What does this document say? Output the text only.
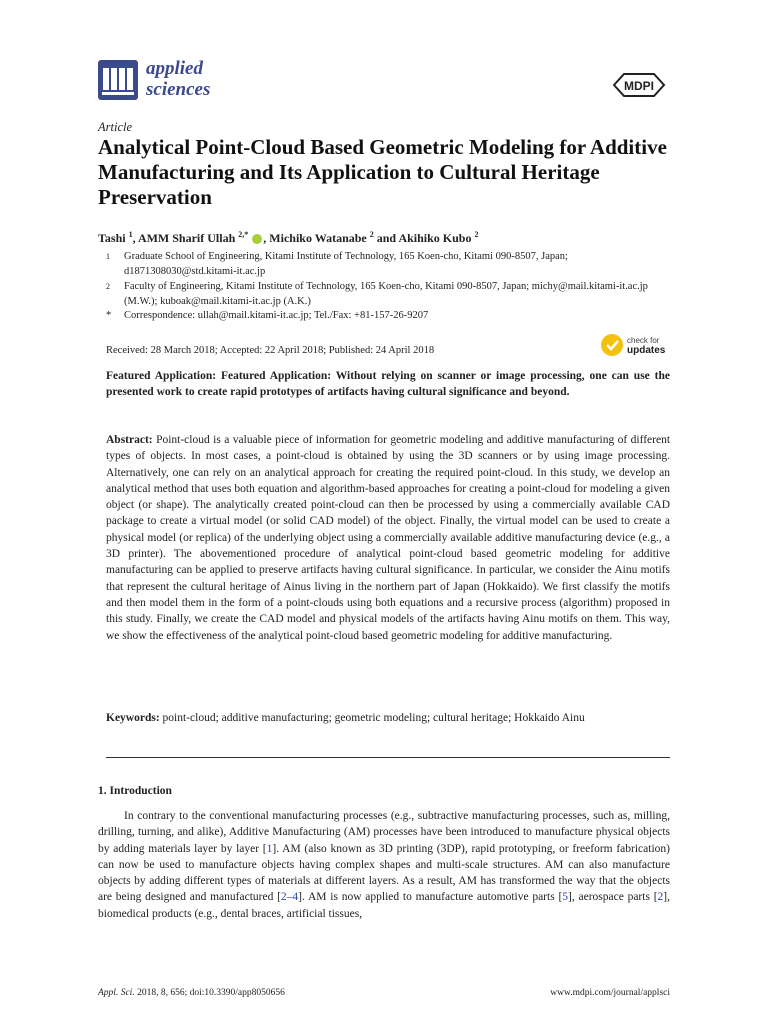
applied
sciences	MDPI
Article
Analytical Point-Cloud Based Geometric Modeling for Additive Manufacturing and Its Application to Cultural Heritage Preservation
Tashi $^1$, AMM Sharif Ullah $^{2,*}$ , Michiko Watanabe $^2$ and Akihiko Kubo $^2$
1 Graduate School of Engineering, Kitami Institute of Technology, 165 Koen-cho, Kitami 090-8507, Japan; d1871308030@std.kitami-it.ac.jp
2 Faculty of Engineering, Kitami Institute of Technology, 165 Koen-cho, Kitami 090-8507, Japan; michy@mail.kitami-it.ac.jp (M.W.); kuboak@mail.kitami-it.ac.jp (A.K.)
* Correspondence: ullah@mail.kitami-it.ac.jp; Tel./Fax: +81-157-26-9207
Received: 28 March 2018; Accepted: 22 April 2018; Published: 24 April 2018
check for
updates
Featured Application: Featured Application: Without relying on scanner or image processing, one can use the presented work to create rapid prototypes of artifacts having cultural significance and beyond.
Abstract: Point-cloud is a valuable piece of information for geometric modeling and additive manufacturing of different types of objects. In most cases, a point-cloud is obtained by using the 3D scanners or by using image processing. Alternatively, one can rely on an analytical approach for creating the required point-cloud. In this study, we develop an analytical method that uses both equation and algorithm-based approaches for creating a point-cloud for modeling a given object (or shape). The analytically created point-cloud can then be processed by using a commercially available CAD package to create a virtual model (or solid CAD model) of the object. Finally, the virtual model can be used to create a physical model (or replica) of the underlying object using a commercially available additive manufacturing device (e.g., a 3D printer). The abovementioned procedure of analytical point-cloud based geometric modeling for additive manufacturing can be applied to preserve artifacts having cultural significance. In particular, we consider the Ainu motifs that represent the cultural heritage of Ainus living in the northern part of Japan (Hokkaido). We first classify the motifs and then model them in the form of a point-clouds using both equations and a recursive process (algorithm) proposed in this study. Finally, we create the CAD model and physical models of the artifacts having Ainu motifs on them. This way, we show the effectiveness of the analytical point-cloud based geometric modeling for additive manufacturing.
Keywords: point-cloud; additive manufacturing; geometric modeling; cultural heritage; Hokkaido Ainu
1. Introduction
In contrary to the conventional manufacturing processes (e.g., subtractive manufacturing processes, such as, milling, drilling, turning, and alike), Additive Manufacturing (AM) processes have been introduced to manufacture physical objects by adding materials layer by layer [1]. AM (also known as 3D printing (3DP), rapid prototyping, or freeform fabrication) can now be used to manufacture objects having complex shapes and multi-scale structures. AM can also manufacture objects by adding different types of materials at different layers. As a result, AM has transformed the way that the objects are being designed and manufactured [2–4]. AM is now applied to manufacture automotive parts [5], aerospace parts [2], biomedical products (e.g., dental braces, artificial tissues,
Appl. Sci. 2018, 8, 656; doi:10.3390/app8050656	www.mdpi.com/journal/applsci
